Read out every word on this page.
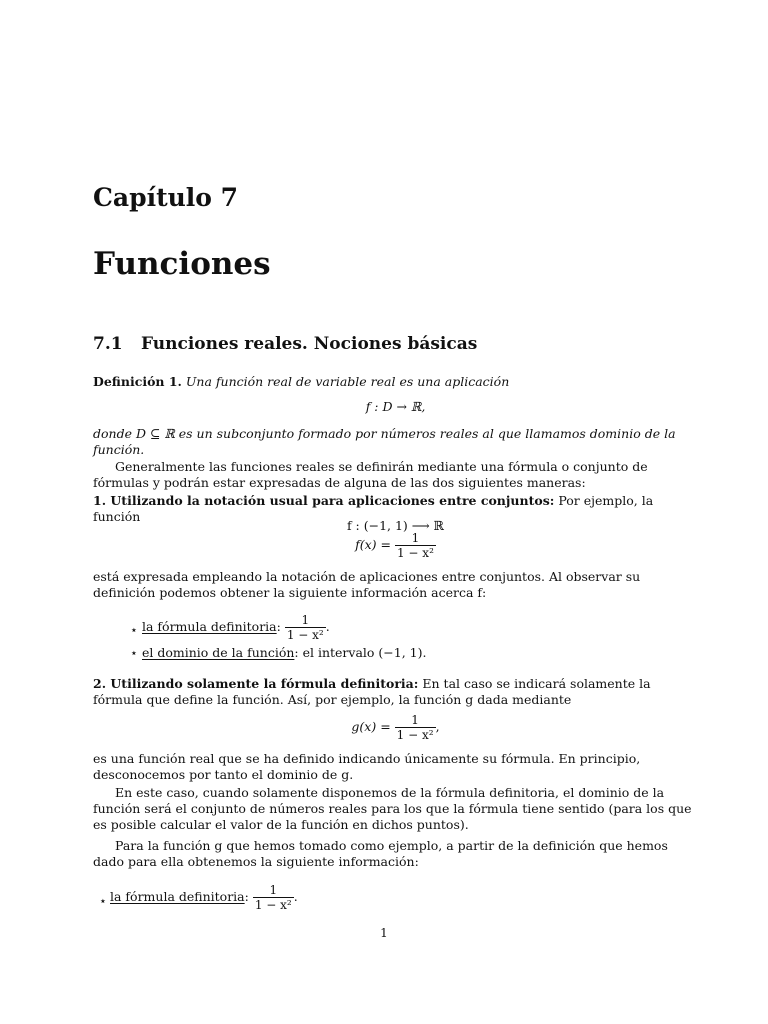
Capítulo 7
Funciones
7.1 Funciones reales. Nociones básicas
Definición 1. Una función real de variable real es una aplicación
f : D → ℝ,
donde D ⊆ ℝ es un subconjunto formado por números reales al que llamamos dominio de la función.
Generalmente las funciones reales se definirán mediante una fórmula o conjunto de fórmulas y podrán estar expresadas de alguna de las dos siguientes maneras:
1. Utilizando la notación usual para aplicaciones entre conjuntos: Por ejemplo, la función
f : (−1, 1) ⟶ ℝ
$f(x) = \frac{1}{\text{1 − x²}}$
está expresada empleando la notación de aplicaciones entre conjuntos. Al observar su definición podemos obtener la siguiente información acerca f:
⋆ la fórmula definitoria: $\frac{1}{\text{1 − x²}}$ .
⋆ el dominio de la función: el intervalo (−1, 1).
2. Utilizando solamente la fórmula definitoria: En tal caso se indicará solamente la fórmula que define la función. Así, por ejemplo, la función g dada mediante
$g(x) = \frac{1}{\text{1 − x²}}$ ,
es una función real que se ha definido indicando únicamente su fórmula. En principio, desconocemos por tanto el dominio de g.
En este caso, cuando solamente disponemos de la fórmula definitoria, el dominio de la función será el conjunto de números reales para los que la fórmula tiene sentido (para los que es posible calcular el valor de la función en dichos puntos).
Para la función g que hemos tomado como ejemplo, a partir de la definición que hemos dado para ella obtenemos la siguiente información:
⋆ la fórmula definitoria: $\frac{1}{\text{1 − x²}}$ .
1
